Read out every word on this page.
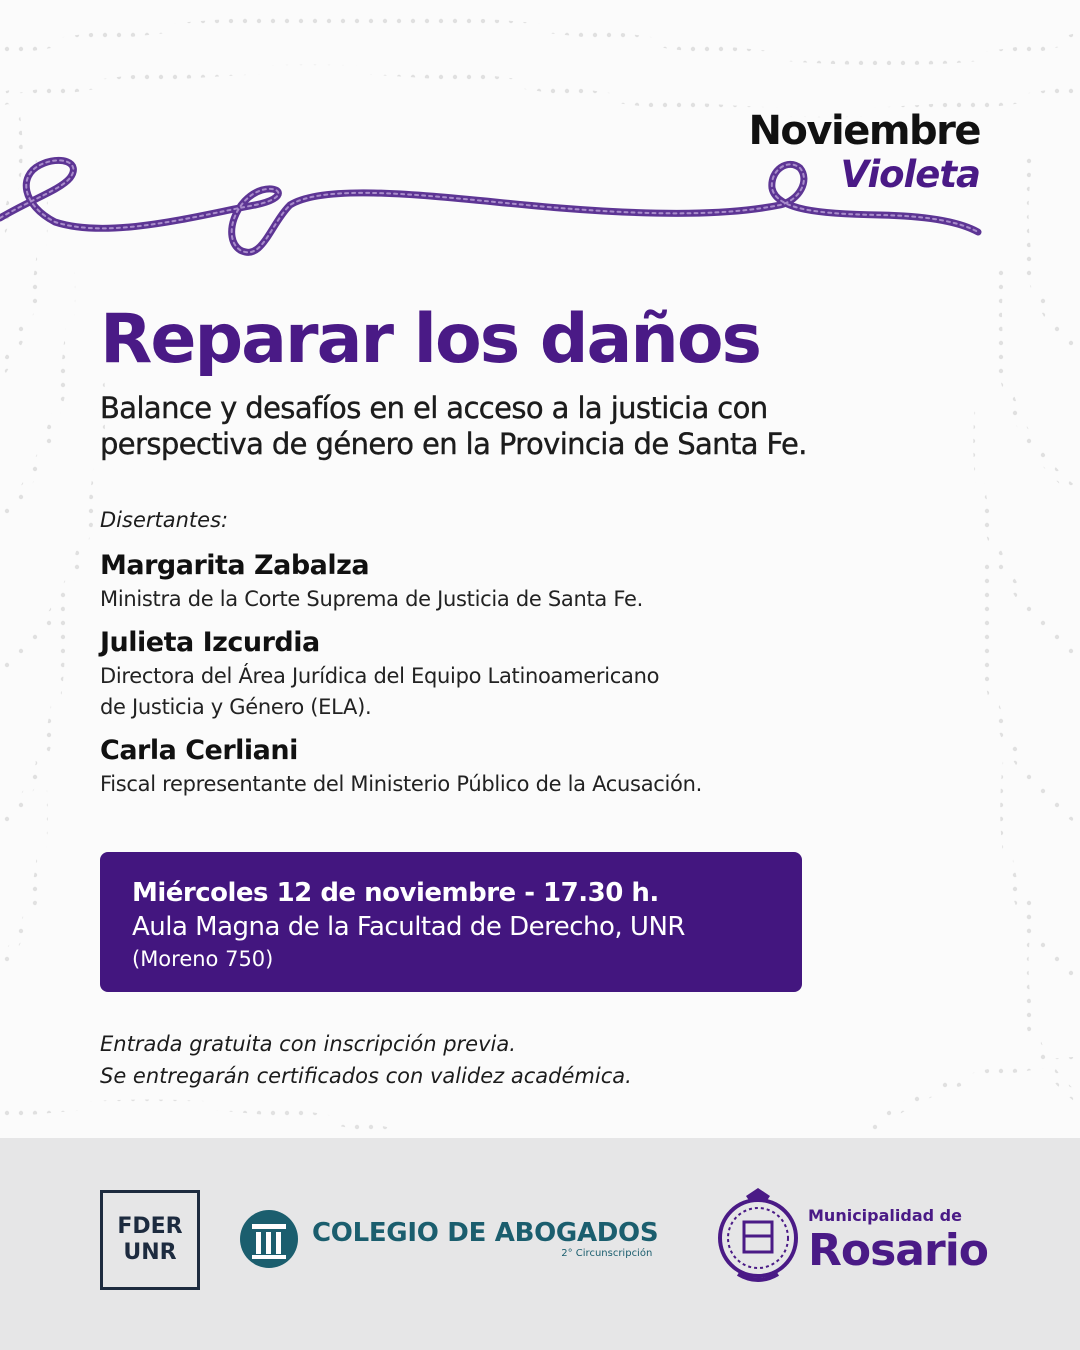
Noviembre
Violeta
Reparar los daños
Balance y desafíos en el acceso a la justicia con
perspectiva de género en la Provincia de Santa Fe.
Disertantes:
Margarita Zabalza
Ministra de la Corte Suprema de Justicia de Santa Fe.
Julieta Izcurdia
Directora del Área Jurídica del Equipo Latinoamericano
de Justicia y Género (ELA).
Carla Cerliani
Fiscal representante del Ministerio Público de la Acusación.
Miércoles 12 de noviembre - 17.30 h.
Aula Magna de la Facultad de Derecho, UNR
(Moreno 750)
Entrada gratuita con inscripción previa.
Se entregarán certificados con validez académica.
FDER
UNR
COLEGIO DE ABOGADOS
2° Circunscripción
Municipalidad de
Rosario
